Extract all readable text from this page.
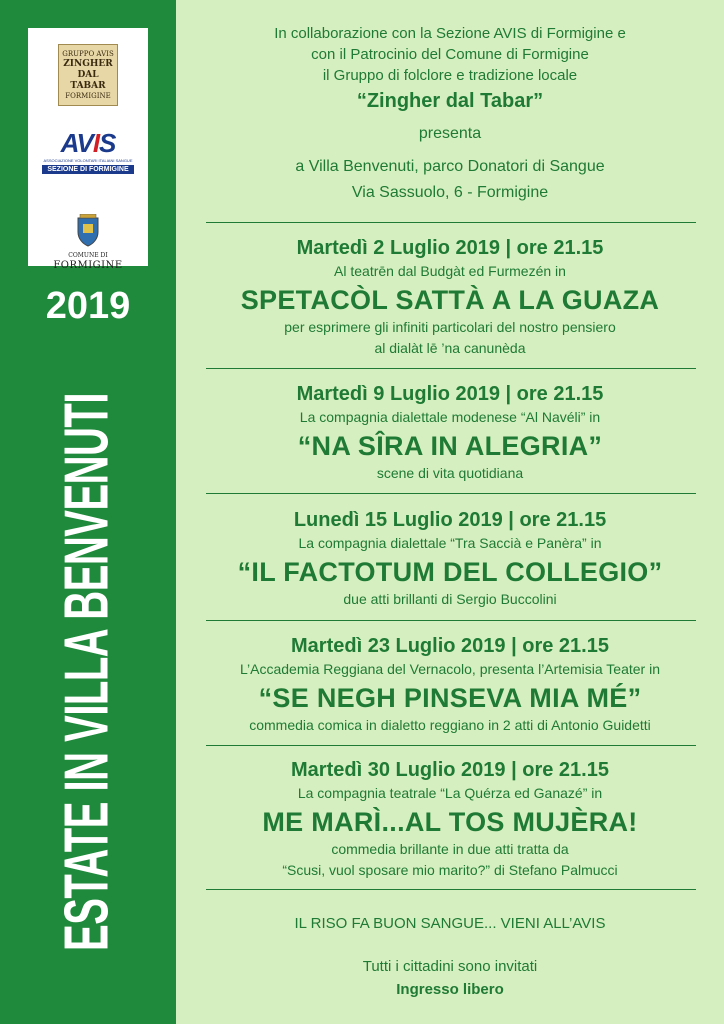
GRUPPO AVIS
ZINGHER
DAL TABAR
FORMIGINE
AVIS
ASSOCIAZIONE VOLONTARI ITALIANI SANGUE
SEZIONE DI FORMIGINE
COMUNE DI
FORMIGINE
2019
ESTATE IN VILLA BENVENUTI
In collaborazione con la Sezione AVIS di Formigine e
con il Patrocinio del Comune di Formigine
il Gruppo di folclore e tradizione locale
“Zingher dal Tabar”
presenta
a Villa Benvenuti, parco Donatori di Sangue
Via Sassuolo, 6 - Formigine
Martedì 2 Luglio 2019 | ore 21.15
Al teatrēn dal Budgàt ed Furmezén in
SPETACÒL SATTÀ A LA GUAZA
per esprimere gli infiniti particolari del nostro pensiero
al dialàt lē ’na canunèda
Martedì 9 Luglio 2019 | ore 21.15
La compagnia dialettale modenese “Al Navéli” in
“NA SÎRA IN ALEGRIA”
scene di vita quotidiana
Lunedì 15 Luglio 2019 | ore 21.15
La compagnia dialettale “Tra Saccià e Panèra” in
“IL FACTOTUM DEL COLLEGIO”
due atti brillanti di Sergio Buccolini
Martedì 23 Luglio 2019 | ore 21.15
L’Accademia Reggiana del Vernacolo, presenta l’Artemisia Teater in
“SE NEGH PINSEVA MIA MÉ”
commedia comica in dialetto reggiano in 2 atti di Antonio Guidetti
Martedì 30 Luglio 2019 | ore 21.15
La compagnia teatrale “La Quérza ed Ganazé” in
ME MARÌ...AL TOS MUJÈRA!
commedia brillante in due atti tratta da
“Scusi, vuol sposare mio marito?” di Stefano Palmucci
IL RISO FA BUON SANGUE... VIENI ALL’AVIS
Tutti i cittadini sono invitati
Ingresso libero
